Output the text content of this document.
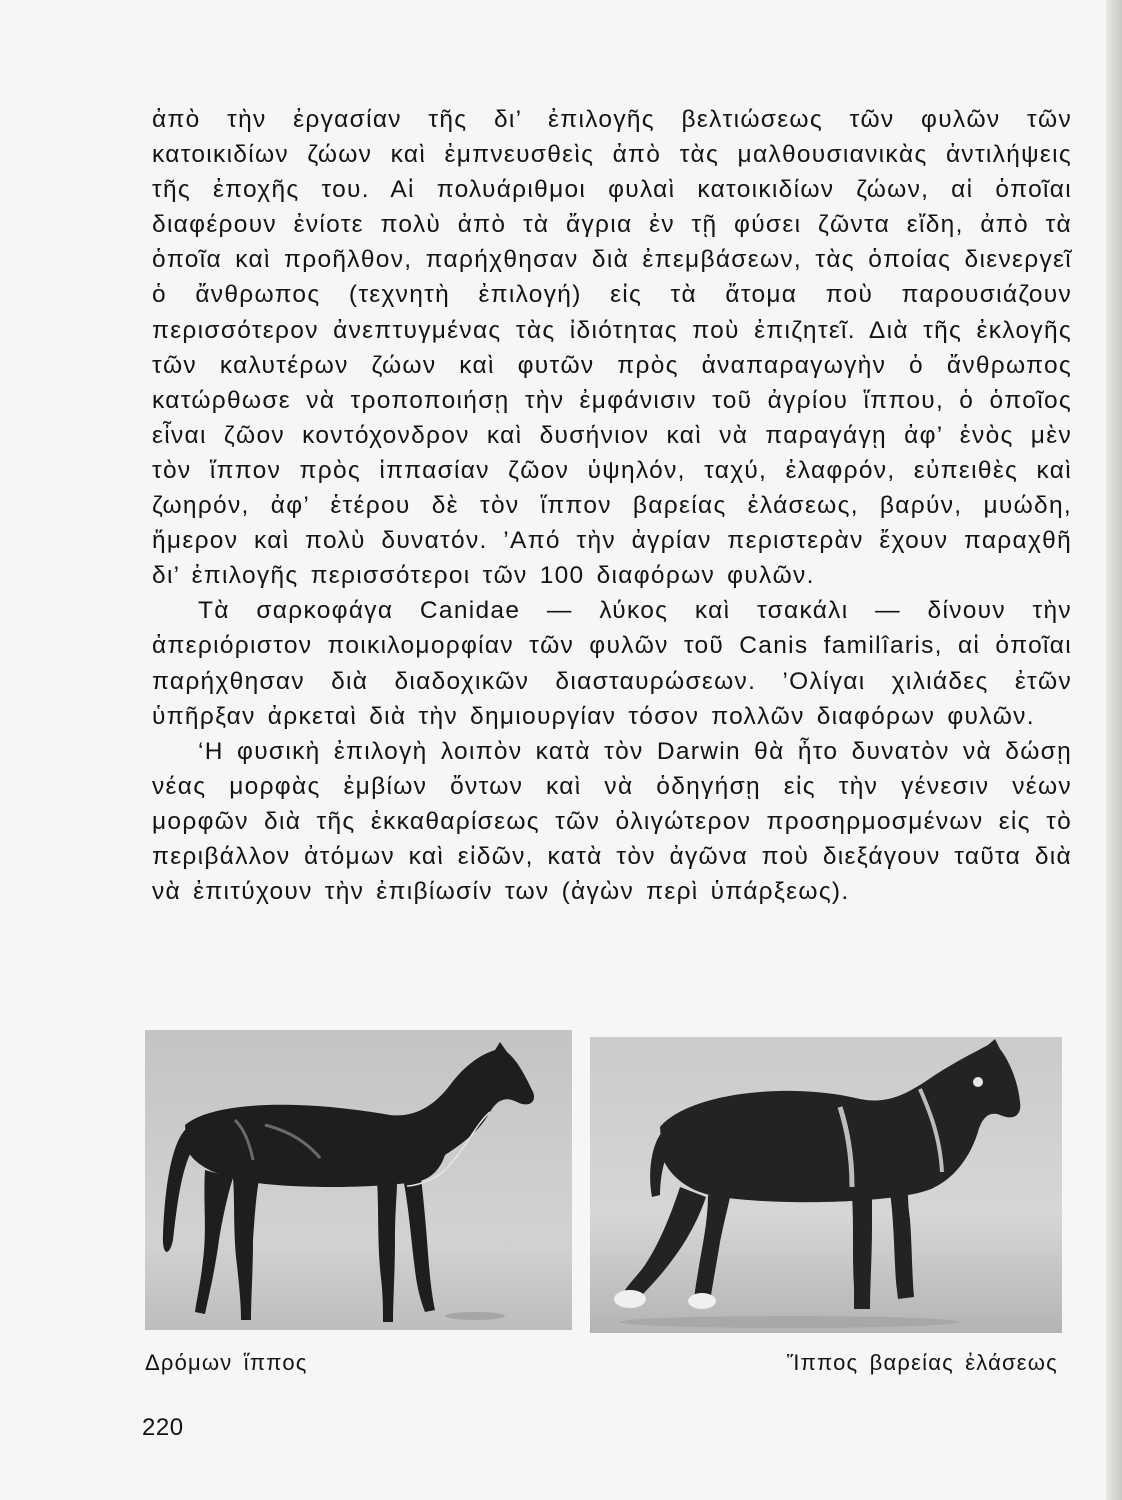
ἀπὸ τὴν ἐργασίαν τῆς δι’ ἐπιλογῆς βελτιώσεως τῶν φυλῶν τῶν κατοικιδίων ζώων καὶ ἐμπνευσθεὶς ἀπὸ τὰς μαλθουσιανικὰς ἀντιλήψεις τῆς ἐποχῆς του. Αἱ πολυάριθμοι φυλαὶ κατοικιδίων ζώων, αἱ ὁποῖαι διαφέρουν ἐνίοτε πολὺ ἀπὸ τὰ ἄγρια ἐν τῇ φύσει ζῶντα εἴδη, ἀπὸ τὰ ὁποῖα καὶ προῆλθον, παρήχθησαν διὰ ἐπεμβάσεων, τὰς ὁποίας διενεργεῖ ὁ ἄνθρωπος (τεχνητὴ ἐπιλογή) εἰς τὰ ἄτομα ποὺ παρουσιάζουν περισσότερον ἀνεπτυγμένας τὰς ἰδιότητας ποὺ ἐπιζητεῖ. Διὰ τῆς ἐκλογῆς τῶν καλυτέρων ζώων καὶ φυτῶν πρὸς ἀναπαραγωγὴν ὁ ἄνθρωπος κατώρθωσε νὰ τροποποιήσῃ τὴν ἐμφάνισιν τοῦ ἀγρίου ἵππου, ὁ ὁποῖος εἶναι ζῶον κοντόχονδρον καὶ δυσήνιον καὶ νὰ παραγάγῃ ἀφ’ ἑνὸς μὲν τὸν ἵππον πρὸς ἱππασίαν ζῶον ὑψηλόν, ταχύ, ἐλαφρόν, εὐπειθὲς καὶ ζωηρόν, ἀφ’ ἑτέρου δὲ τὸν ἵππον βαρείας ἐλάσεως, βαρύν, μυώδη, ἥμερον καὶ πολὺ δυνατόν. ’Από τὴν ἀγρίαν περιστερὰν ἔχουν παραχθῆ δι’ ἐπιλογῆς περισσότεροι τῶν 100 διαφόρων φυλῶν.

Τὰ σαρκοφάγα Canidae — λύκος καὶ τσακάλι — δίνουν τὴν ἀπεριόριστον ποικιλομορφίαν τῶν φυλῶν τοῦ Canis familîaris, αἱ ὁποῖαι παρήχθησαν διὰ διαδοχικῶν διασταυρώσεων. ’Ολίγαι χιλιάδες ἐτῶν ὑπῆρξαν ἀρκεταὶ διὰ τὴν δημιουργίαν τόσον πολλῶν διαφόρων φυλῶν.

‘Η φυσικὴ ἐπιλογὴ λοιπὸν κατὰ τὸν Darwin θὰ ἦτο δυνατὸν νὰ δώσῃ νέας μορφὰς ἐμβίων ὄντων καὶ νὰ ὁδηγήσῃ εἰς τὴν γένεσιν νέων μορφῶν διὰ τῆς ἐκκαθαρίσεως τῶν ὀλιγώτερον προσηρμοσμένων εἰς τὸ περιβάλλον ἀτόμων καὶ εἰδῶν, κατὰ τὸν ἀγῶνα ποὺ διεξάγουν ταῦτα διὰ νὰ ἐπιτύχουν τὴν ἐπιβίωσίν των (ἀγὼν περὶ ὑπάρξεως).

Δρόμων ἵππος	Ἵππος βαρείας ἐλάσεως
220
